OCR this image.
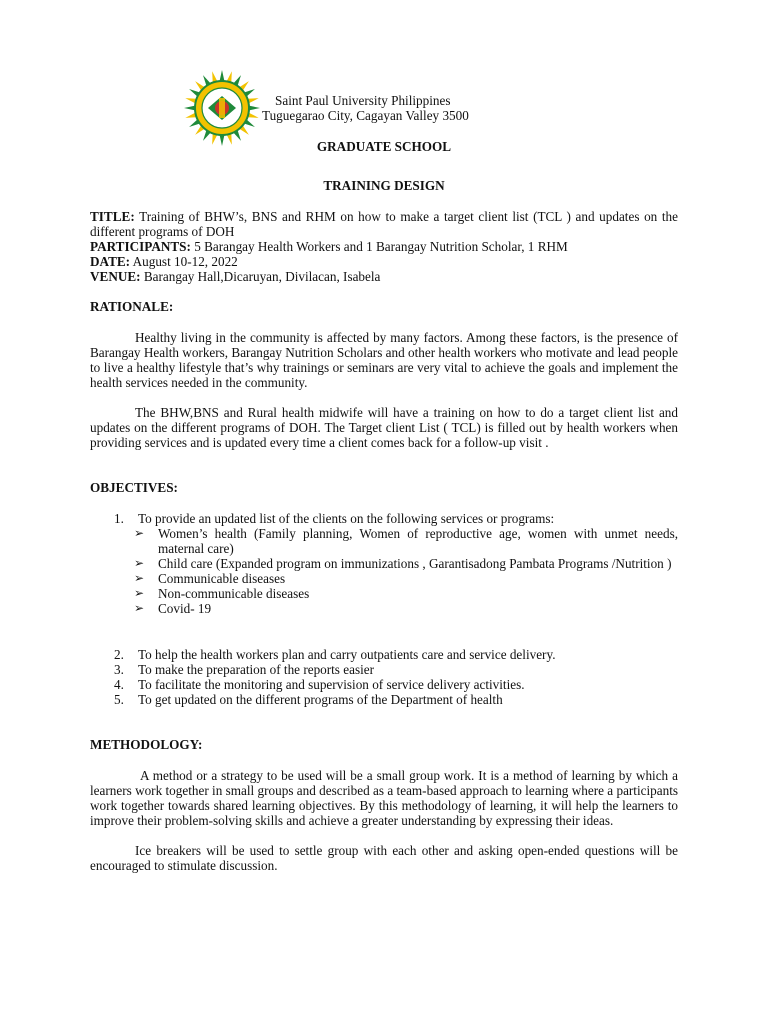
Saint Paul University Philippines
Tuguegarao City, Cagayan Valley 3500
GRADUATE SCHOOL
TRAINING DESIGN
TITLE: Training of BHW’s, BNS and RHM on how to make a target client list (TCL ) and updates on the different programs of DOH
PARTICIPANTS: 5 Barangay Health Workers and 1 Barangay Nutrition Scholar, 1 RHM
DATE: August 10-12, 2022
VENUE: Barangay Hall,Dicaruyan, Divilacan, Isabela
RATIONALE:

Healthy living in the community is affected by many factors. Among these factors, is the presence of Barangay Health workers, Barangay Nutrition Scholars and other health workers who motivate and lead people to live a healthy lifestyle that’s why trainings or seminars are very vital to achieve the goals and implement the health services needed in the community.

The BHW,BNS and Rural health midwife will have a training on how to do a target client list and updates on the different programs of DOH. The Target client List ( TCL) is filled out by health workers when providing services and is updated every time a client comes back for a follow-up visit .

OBJECTIVES:
1. To provide an updated list of the clients on the following services or programs:
➢ Women’s health (Family planning, Women of reproductive age, women with unmet needs, maternal care)
➢ Child care (Expanded program on immunizations , Garantisadong Pambata Programs /Nutrition )
➢ Communicable diseases
➢ Non-communicable diseases
➢ Covid- 19
2. To help the health workers plan and carry outpatients care and service delivery.
3. To make the preparation of the reports easier
4. To facilitate the monitoring and supervision of service delivery activities.
5. To get updated on the different programs of the Department of health
METHODOLOGY:

A method or a strategy to be used will be a small group work. It is a method of learning by which a learners work together in small groups and described as a team-based approach to learning where a participants work together towards shared learning objectives. By this methodology of learning, it will help the learners to improve their problem-solving skills and achieve a greater understanding by expressing their ideas.

Ice breakers will be used to settle group with each other and asking open-ended questions will be encouraged to stimulate discussion.
